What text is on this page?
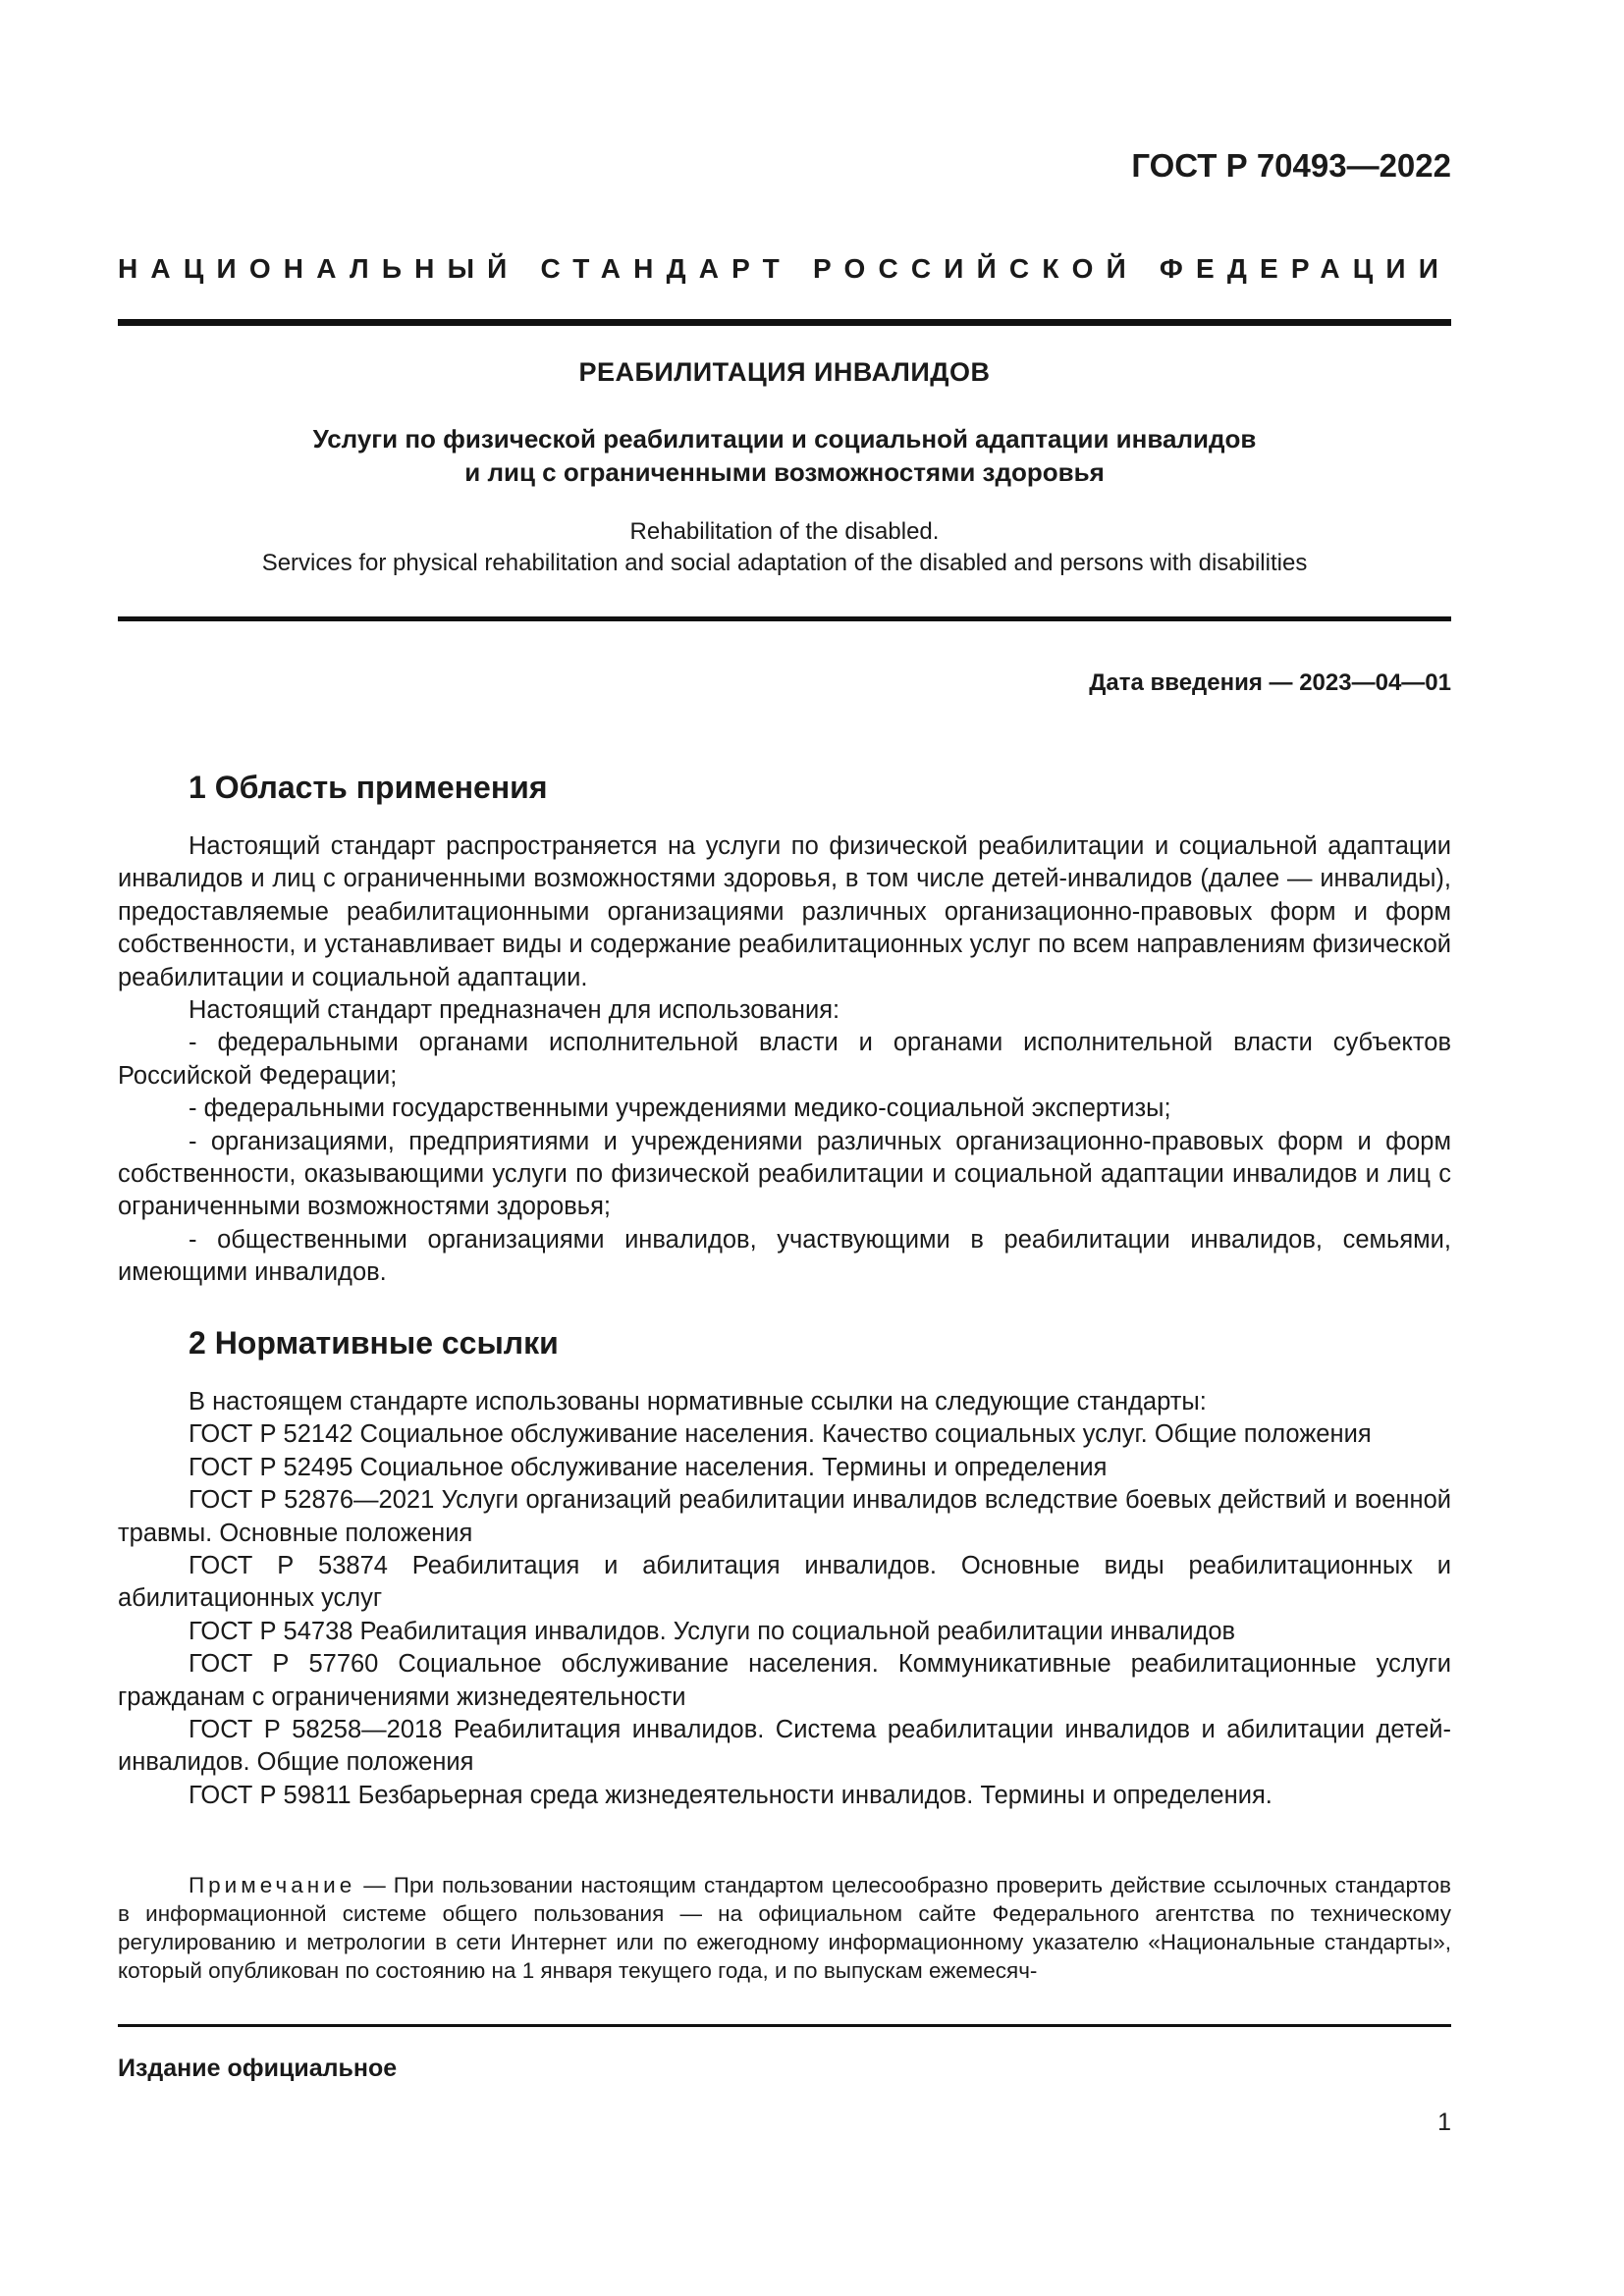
ГОСТ Р 70493—2022
НАЦИОНАЛЬНЫЙ СТАНДАРТ РОССИЙСКОЙ ФЕДЕРАЦИИ
РЕАБИЛИТАЦИЯ ИНВАЛИДОВ
Услуги по физической реабилитации и социальной адаптации инвалидов
и лиц с ограниченными возможностями здоровья
Rehabilitation of the disabled.
Services for physical rehabilitation and social adaptation of the disabled and persons with disabilities
Дата введения — 2023—04—01
1 Область применения

Настоящий стандарт распространяется на услуги по физической реабилитации и социальной адаптации инвалидов и лиц с ограниченными возможностями здоровья, в том числе детей-инвалидов (далее — инвалиды), предоставляемые реабилитационными организациями различных организационно-правовых форм и форм собственности, и устанавливает виды и содержание реабилитационных услуг по всем направлениям физической реабилитации и социальной адаптации.

Настоящий стандарт предназначен для использования:

- федеральными органами исполнительной власти и органами исполнительной власти субъектов Российской Федерации;

- федеральными государственными учреждениями медико-социальной экспертизы;

- организациями, предприятиями и учреждениями различных организационно-правовых форм и форм собственности, оказывающими услуги по физической реабилитации и социальной адаптации инвалидов и лиц с ограниченными возможностями здоровья;

- общественными организациями инвалидов, участвующими в реабилитации инвалидов, семьями, имеющими инвалидов.

2 Нормативные ссылки

В настоящем стандарте использованы нормативные ссылки на следующие стандарты:

ГОСТ Р 52142 Социальное обслуживание населения. Качество социальных услуг. Общие положения

ГОСТ Р 52495 Социальное обслуживание населения. Термины и определения

ГОСТ Р 52876—2021 Услуги организаций реабилитации инвалидов вследствие боевых действий и военной травмы. Основные положения

ГОСТ Р 53874 Реабилитация и абилитация инвалидов. Основные виды реабилитационных и абилитационных услуг

ГОСТ Р 54738 Реабилитация инвалидов. Услуги по социальной реабилитации инвалидов

ГОСТ Р 57760 Социальное обслуживание населения. Коммуникативные реабилитационные услуги гражданам с ограничениями жизнедеятельности

ГОСТ Р 58258—2018 Реабилитация инвалидов. Система реабилитации инвалидов и абилитации детей-инвалидов. Общие положения

ГОСТ Р 59811 Безбарьерная среда жизнедеятельности инвалидов. Термины и определения.

Примечание — При пользовании настоящим стандартом целесообразно проверить действие ссылочных стандартов в информационной системе общего пользования — на официальном сайте Федерального агентства по техническому регулированию и метрологии в сети Интернет или по ежегодному информационному указателю «Национальные стандарты», который опубликован по состоянию на 1 января текущего года, и по выпускам ежемесяч-
Издание официальное
1
